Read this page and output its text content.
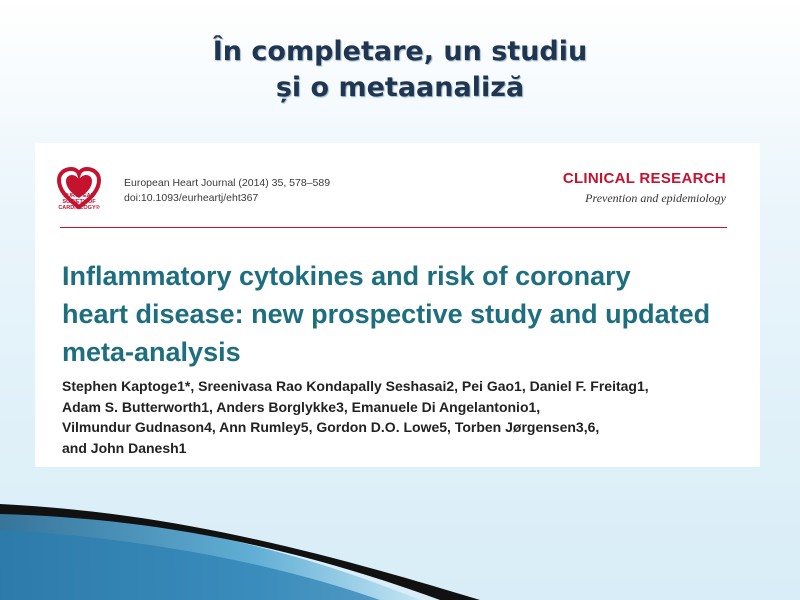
În completare, un studiu
și o metaanaliză
EUROPEAN
SOCIETY OF
CARDIOLOGY®
European Heart Journal (2014) 35, 578–589
doi:10.1093/eurheartj/eht367
CLINICAL RESEARCH
Prevention and epidemiology
Inflammatory cytokines and risk of coronary
heart disease: new prospective study and updated
meta-analysis
Stephen Kaptoge1*, Sreenivasa Rao Kondapally Seshasai2, Pei Gao1, Daniel F. Freitag1,
Adam S. Butterworth1, Anders Borglykke3, Emanuele Di Angelantonio1,
Vilmundur Gudnason4, Ann Rumley5, Gordon D.O. Lowe5, Torben Jørgensen3,6,
and John Danesh1
